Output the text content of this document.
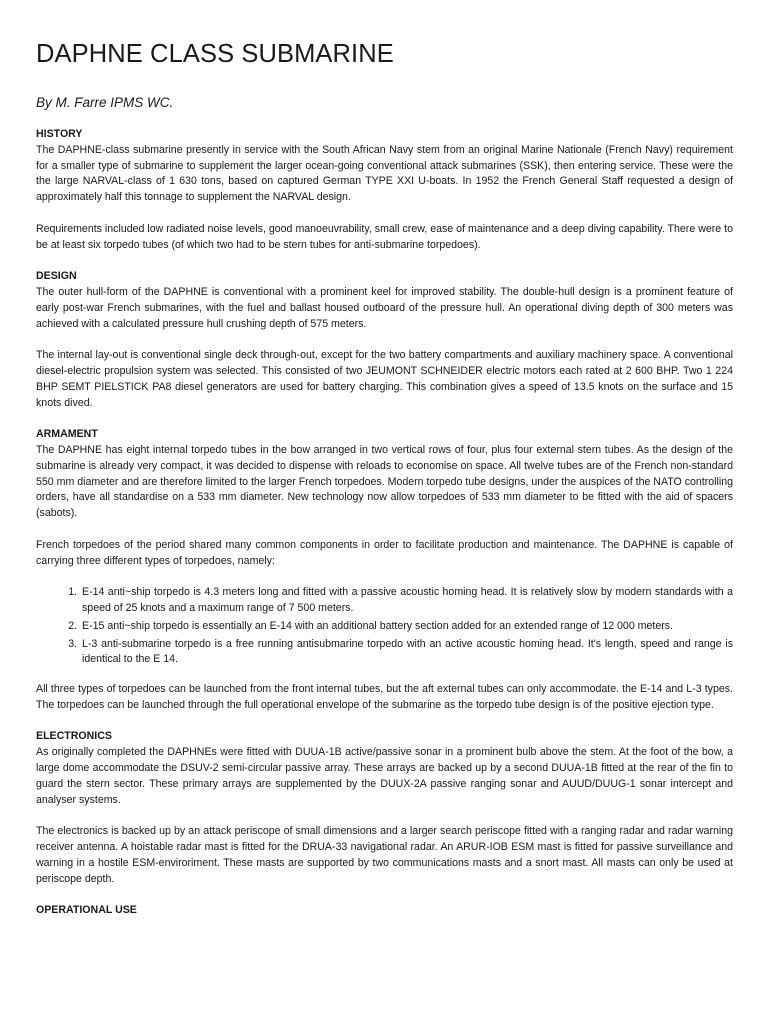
DAPHNE CLASS SUBMARINE
By M. Farre IPMS WC.
HISTORY

The DAPHNE-class submarine presently in service with the South African Navy stem from an original Marine Nationale (French Navy) requirement for a smaller type of submarine to supplement the larger ocean-going conventional attack submarines (SSK), then entering service. These were the the large NARVAL-class of 1 630 tons, based on captured German TYPE XXI U-boats. In 1952 the French General Staff requested a design of approximately half this tonnage to supplement the NARVAL design.

Requirements included low radiated noise levels, good manoeuvrability, small crew, ease of maintenance and a deep diving capability. There were to be at least six torpedo tubes (of which two had to be stern tubes for anti-submarine torpedoes).

DESIGN

The outer hull-form of the DAPHNE is conventional with a prominent keel for improved stability. The double-hull design is a prominent feature of early post-war French submarines, with the fuel and ballast housed outboard of the pressure hull. An operational diving depth of 300 meters was achieved with a calculated pressure hull crushing depth of 575 meters.

The internal lay-out is conventional single deck through-out, except for the two battery compartments and auxiliary machinery space. A conventional diesel-electric propulsion system was selected. This consisted of two JEUMONT SCHNEIDER electric motors each rated at 2 600 BHP. Two 1 224 BHP SEMT PIELSTICK PA8 diesel generators are used for battery charging. This combination gives a speed of 13.5 knots on the surface and 15 knots dived.

ARMAMENT

The DAPHNE has eight internal torpedo tubes in the bow arranged in two vertical rows of four, plus four external stern tubes. As the design of the submarine is already very compact, it was decided to dispense with reloads to economise on space. All twelve tubes are of the French non-standard 550 mm diameter and are therefore limited to the larger French torpedoes. Modern torpedo tube designs, under the auspices of the NATO controlling orders, have all standardise on a 533 mm diameter. New technology now allow torpedoes of 533 mm diameter to be fitted with the aid of spacers (sabots).

French torpedoes of the period shared many common components in order to facilitate production and maintenance. The DAPHNE is capable of carrying three different types of torpedoes, namely:

1. E-14 anti~ship torpedo is 4.3 meters long and fitted with a passive acoustic homing head. It is relatively slow by modern standards with a speed of 25 knots and a maximum range of 7 500 meters.
2. E-15 anti~ship torpedo is essentially an E-14 with an additional battery section added for an extended range of 12 000 meters.
3. L-3 anti-submarine torpedo is a free running antisubmarine torpedo with an active acoustic homing head. It's length, speed and range is identical to the E 14.

All three types of torpedoes can be launched from the front internal tubes, but the aft external tubes can only accommodate. the E-14 and L-3 types. The torpedoes can be launched through the full operational envelope of the submarine as the torpedo tube design is of the positive ejection type.

ELECTRONICS

As originally completed the DAPHNEs were fitted with DUUA-1B active/passive sonar in a prominent bulb above the stem. At the foot of the bow, a large dome accommodate the DSUV-2 semi-circular passive array. These arrays are backed up by a second DUUA-1B fitted at the rear of the fin to guard the stern sector. These primary arrays are supplemented by the DUUX-2A passive ranging sonar and AUUD/DUUG-1 sonar intercept and analyser systems.

The electronics is backed up by an attack periscope of small dimensions and a larger search periscope fitted with a ranging radar and radar warning receiver antenna. A hoistable radar mast is fitted for the DRUA-33 navigational radar. An ARUR-IOB ESM mast is fitted for passive surveillance and warning in a hostile ESM-enviroriment. These masts are supported by two communications masts and a snort mast. All masts can only be used at periscope depth.

OPERATIONAL USE
